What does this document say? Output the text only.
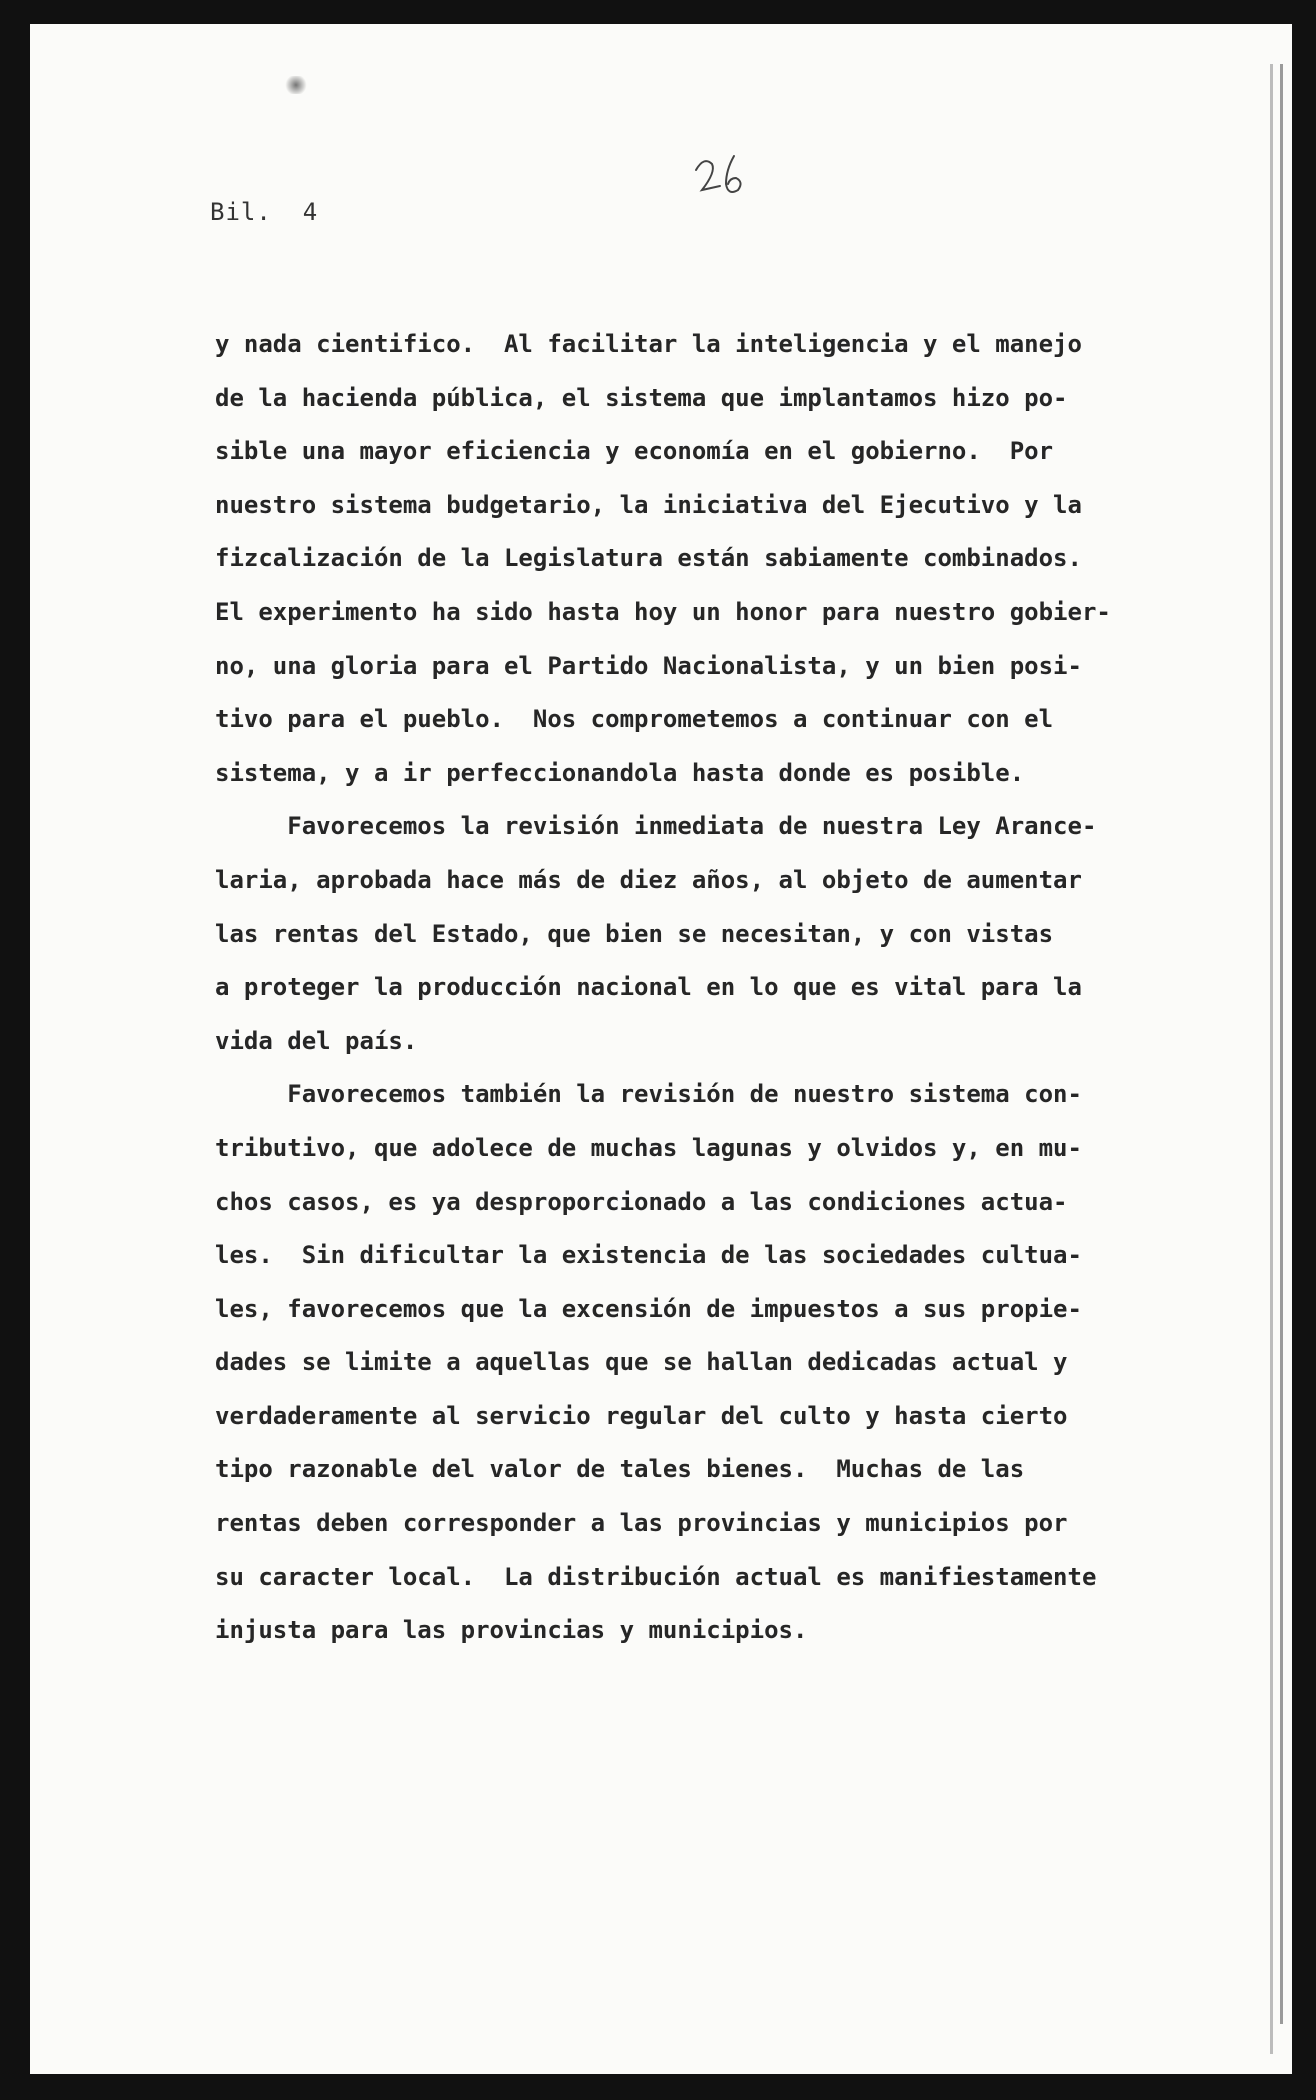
Bil.  4
y nada cientifico.  Al facilitar la inteligencia y el manejo
de la hacienda pública, el sistema que implantamos hizo po-
sible una mayor eficiencia y economía en el gobierno.  Por
nuestro sistema budgetario, la iniciativa del Ejecutivo y la
fizcalización de la Legislatura están sabiamente combinados.
El experimento ha sido hasta hoy un honor para nuestro gobier-
no, una gloria para el Partido Nacionalista, y un bien posi-
tivo para el pueblo.  Nos comprometemos a continuar con el
sistema, y a ir perfeccionandola hasta donde es posible.
Favorecemos la revisión inmediata de nuestra Ley Arance-
laria, aprobada hace más de diez años, al objeto de aumentar
las rentas del Estado, que bien se necesitan, y con vistas
a proteger la producción nacional en lo que es vital para la
vida del país.
Favorecemos también la revisión de nuestro sistema con-
tributivo, que adolece de muchas lagunas y olvidos y, en mu-
chos casos, es ya desproporcionado a las condiciones actua-
les.  Sin dificultar la existencia de las sociedades cultua-
les, favorecemos que la excensión de impuestos a sus propie-
dades se limite a aquellas que se hallan dedicadas actual y
verdaderamente al servicio regular del culto y hasta cierto
tipo razonable del valor de tales bienes.  Muchas de las
rentas deben corresponder a las provincias y municipios por
su caracter local.  La distribución actual es manifiestamente
injusta para las provincias y municipios.
